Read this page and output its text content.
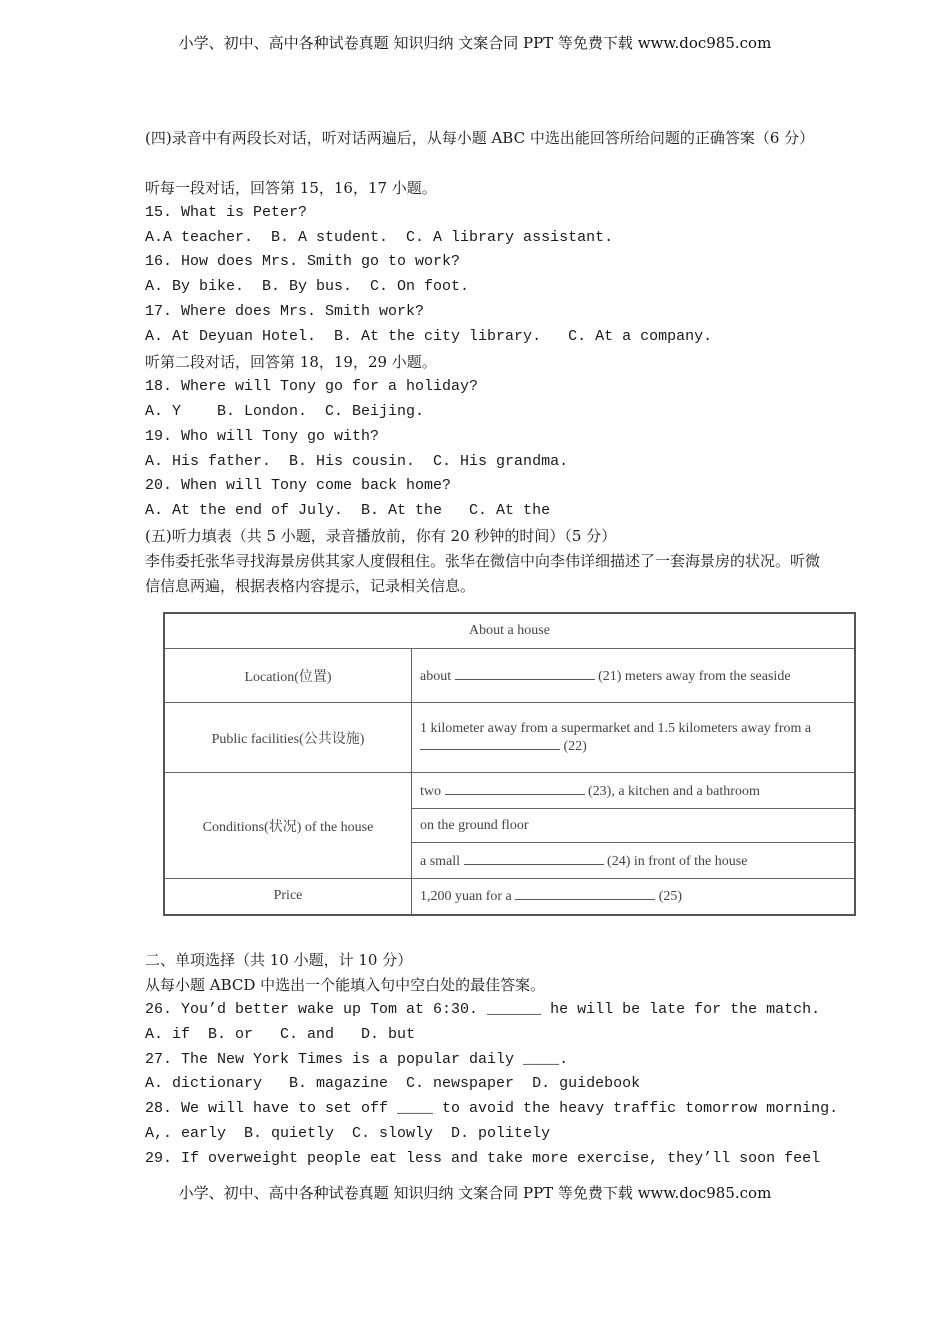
小学、初中、高中各种试卷真题 知识归纳 文案合同 PPT 等免费下载 www.doc985.com
(四)录音中有两段长对话，听对话两遍后，从每小题 ABC 中选出能回答所给问题的正确答案（6 分）
听每一段对话，回答第 15，16，17 小题。
15. What is Peter?
A.A teacher.  B. A student.  C. A library assistant.
16. How does Mrs. Smith go to work?
A. By bike.  B. By bus.  C. On foot.
17. Where does Mrs. Smith work?
A. At Deyuan Hotel.  B. At the city library.   C. At a company.
听第二段对话，回答第 18，19，29 小题。
18. Where will Tony go for a holiday?
A. Y    B. London.  C. Beijing.
19. Who will Tony go with?
A. His father.  B. His cousin.  C. His grandma.
20. When will Tony come back home?
A. At the end of July.  B. At the   C. At the
(五)听力填表（共 5 小题，录音播放前，你有 20 秒钟的时间）（5 分）
李伟委托张华寻找海景房供其家人度假租住。张华在微信中向李伟详细描述了一套海景房的状况。听微信信息两遍，根据表格内容提示，记录相关信息。
About a house	
Location(位置)	about (21) meters away from the seaside
Public facilities(公共设施)	1 kilometer away from a supermarket and 1.5 kilometers away from a  (22)
Conditions(状况) of the house	two (23), a kitchen and a bathroom
	on the ground floor
	a small (24) in front of the house
Price	1,200 yuan for a (25)
二、单项选择（共 10 小题，计 10 分）
从每小题 ABCD 中选出一个能填入句中空白处的最佳答案。
26. You’d better wake up Tom at 6:30. ______ he will be late for the match.
A. if  B. or   C. and   D. but
27. The New York Times is a popular daily ____.
A. dictionary   B. magazine  C. newspaper  D. guidebook
28. We will have to set off ____ to avoid the heavy traffic tomorrow morning.
A,. early  B. quietly  C. slowly  D. politely
29. If overweight people eat less and take more exercise, they’ll soon feel
小学、初中、高中各种试卷真题 知识归纳 文案合同 PPT 等免费下载 www.doc985.com
